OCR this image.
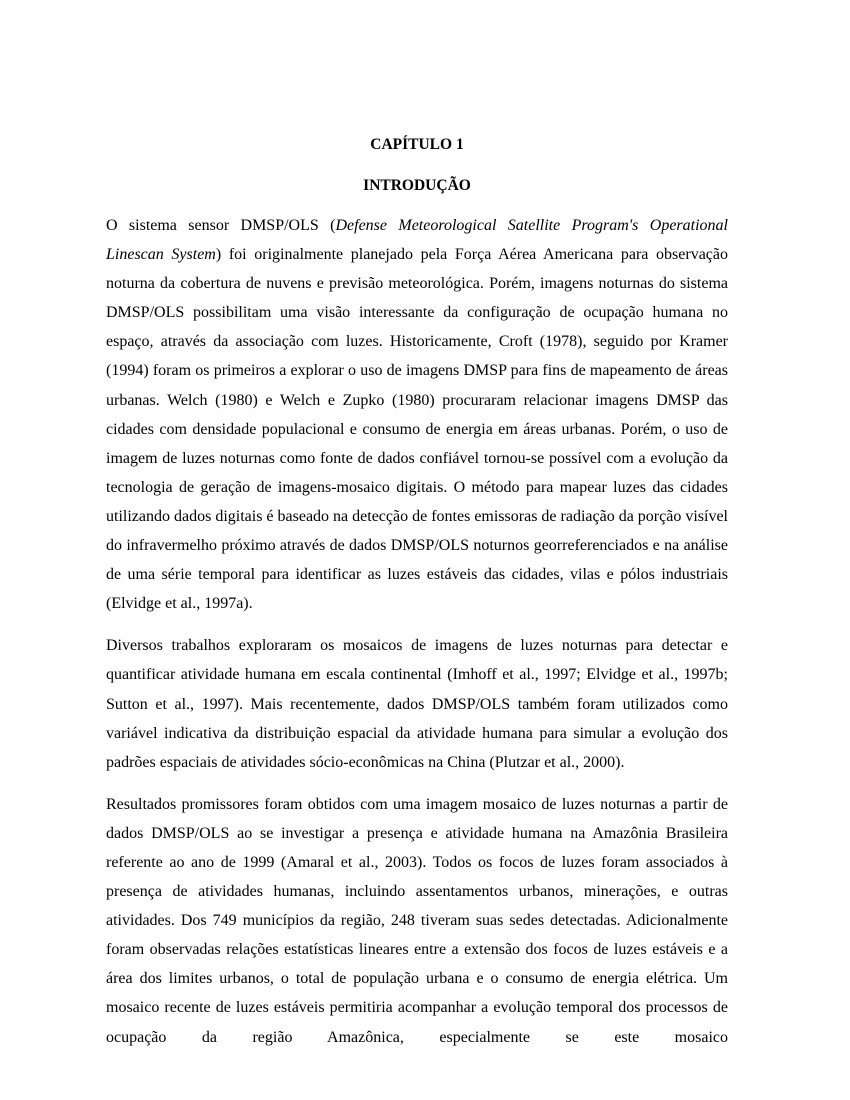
CAPÍTULO 1
INTRODUÇÃO

O sistema sensor DMSP/OLS (Defense Meteorological Satellite Program's Operational Linescan System) foi originalmente planejado pela Força Aérea Americana para observação noturna da cobertura de nuvens e previsão meteorológica. Porém, imagens noturnas do sistema DMSP/OLS possibilitam uma visão interessante da configuração de ocupação humana no espaço, através da associação com luzes. Historicamente, Croft (1978), seguido por Kramer (1994) foram os primeiros a explorar o uso de imagens DMSP para fins de mapeamento de áreas urbanas. Welch (1980) e Welch e Zupko (1980) procuraram relacionar imagens DMSP das cidades com densidade populacional e consumo de energia em áreas urbanas. Porém, o uso de imagem de luzes noturnas como fonte de dados confiável tornou-se possível com a evolução da tecnologia de geração de imagens-mosaico digitais. O método para mapear luzes das cidades utilizando dados digitais é baseado na detecção de fontes emissoras de radiação da porção visível do infravermelho próximo através de dados DMSP/OLS noturnos georreferenciados e na análise de uma série temporal para identificar as luzes estáveis das cidades, vilas e pólos industriais (Elvidge et al., 1997a).

Diversos trabalhos exploraram os mosaicos de imagens de luzes noturnas para detectar e quantificar atividade humana em escala continental (Imhoff et al., 1997; Elvidge et al., 1997b; Sutton et al., 1997). Mais recentemente, dados DMSP/OLS também foram utilizados como variável indicativa da distribuição espacial da atividade humana para simular a evolução dos padrões espaciais de atividades sócio-econômicas na China (Plutzar et al., 2000).

Resultados promissores foram obtidos com uma imagem mosaico de luzes noturnas a partir de dados DMSP/OLS ao se investigar a presença e atividade humana na Amazônia Brasileira referente ao ano de 1999 (Amaral et al., 2003). Todos os focos de luzes foram associados à presença de atividades humanas, incluindo assentamentos urbanos, minerações, e outras atividades. Dos 749 municípios da região, 248 tiveram suas sedes detectadas. Adicionalmente foram observadas relações estatísticas lineares entre a extensão dos focos de luzes estáveis e a área dos limites urbanos, o total de população urbana e o consumo de energia elétrica. Um mosaico recente de luzes estáveis permitiria acompanhar a evolução temporal dos processos de ocupação da região Amazônica, especialmente se este mosaico
